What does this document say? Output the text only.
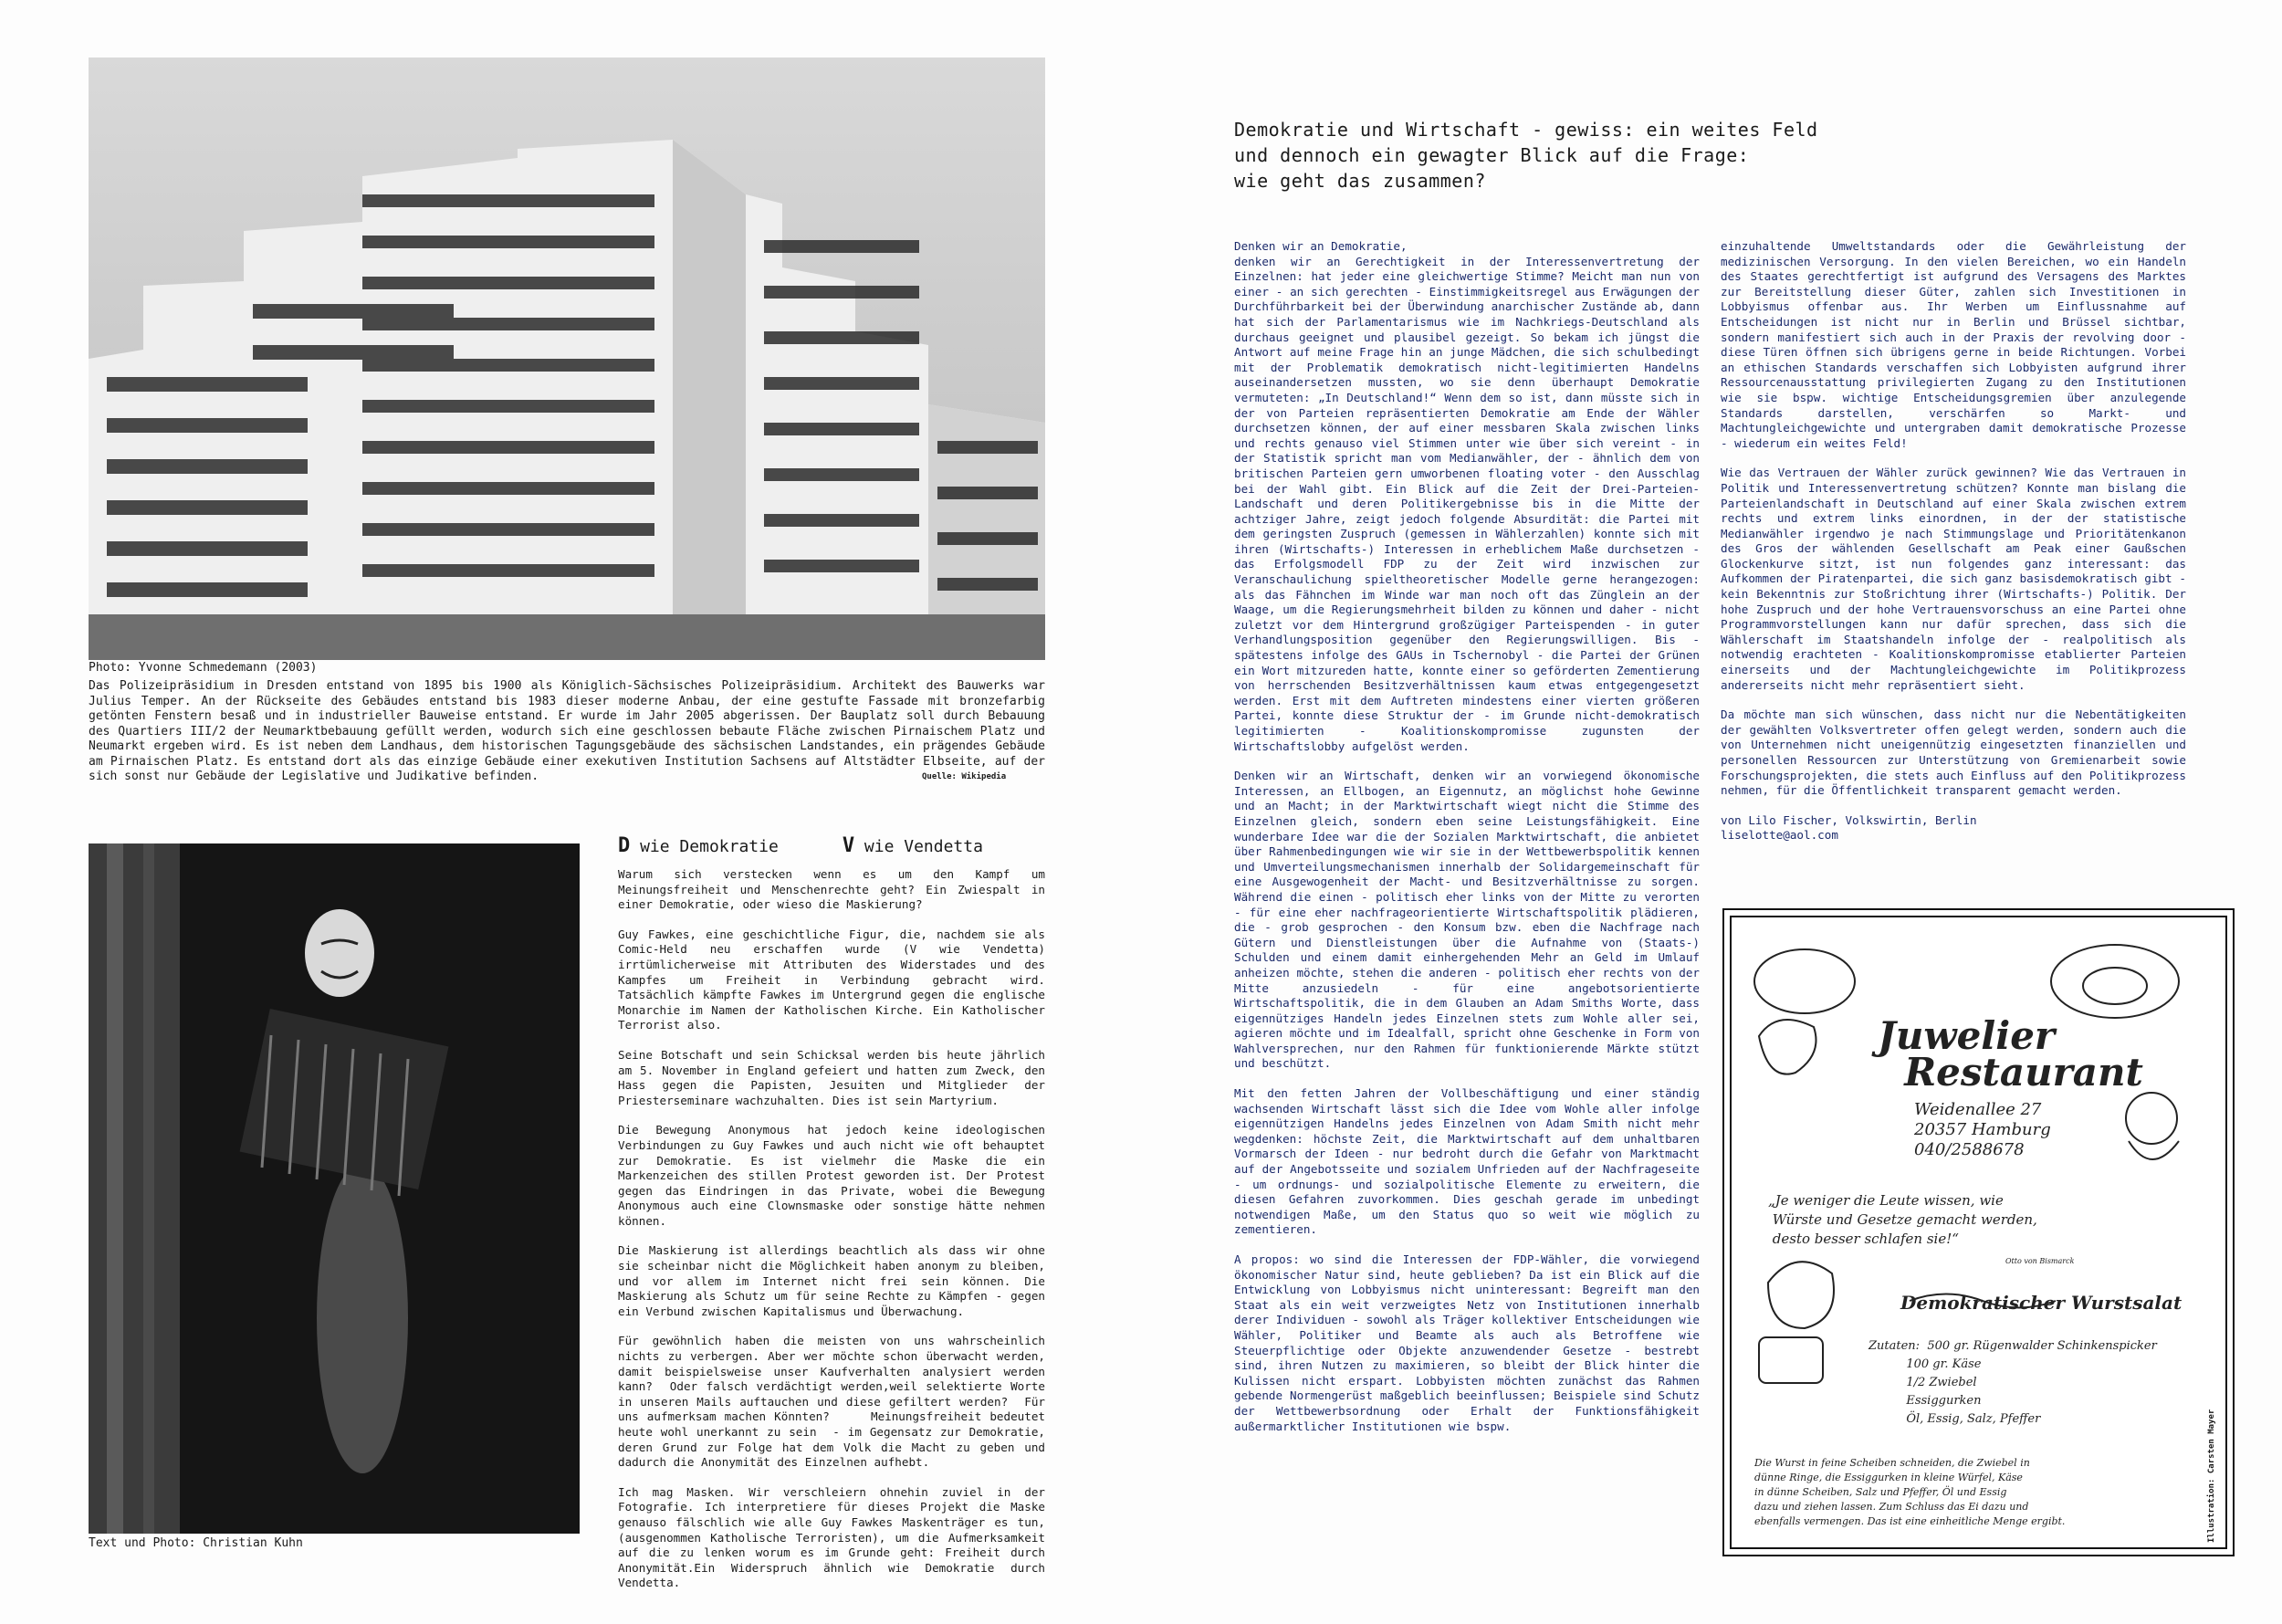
Photo: Yvonne Schmedemann (2003)
Das Polizeipräsidium in Dresden entstand von 1895 bis 1900 als Königlich-Sächsisches Polizeipräsidium. Architekt des Bauwerks war Julius Temper. An der Rückseite des Gebäudes entstand bis 1983 dieser moderne Anbau, der eine gestufte Fassade mit bronzefarbig getönten Fenstern besaß und in industrieller Bauweise entstand. Er wurde im Jahr 2005 abgerissen. Der Bauplatz soll durch Bebauung des Quartiers III/2 der Neumarktbebauung gefüllt werden, wodurch sich eine geschlossen bebaute Fläche zwischen Pirnaischem Platz und Neumarkt ergeben wird. Es ist neben dem Landhaus, dem historischen Tagungsgebäude des sächsischen Landstandes, ein prägendes Gebäude am Pirnaischen Platz. Es entstand dort als das einzige Gebäude einer exekutiven Institution Sachsens auf Altstädter Elbseite, auf der sich sonst nur Gebäude der Legislative und Judikative befinden.	Quelle: Wikipedia
Text und Photo: Christian Kuhn
D wie Demokratie	V wie Vendetta

Warum sich verstecken wenn es um den Kampf um Meinungsfreiheit und Menschenrechte geht? Ein Zwiespalt in einer Demokratie, oder wieso die Maskierung?

Guy Fawkes, eine geschichtliche Figur, die, nachdem sie als Comic-Held neu erschaffen wurde (V wie Vendetta) irrtümlicherweise mit Attributen des Widerstades und des Kampfes um Freiheit in Verbindung gebracht wird.    Tatsächlich kämpfte Fawkes im Untergrund gegen die englische Monarchie im Namen der Katholischen Kirche. Ein Katholischer Terrorist also.

Seine Botschaft und sein Schicksal werden bis heute jährlich am 5. November in England gefeiert und hatten zum Zweck, den Hass gegen die Papisten, Jesuiten und Mitglieder der Priesterseminare wachzuhalten. Dies ist sein Martyrium.

Die Bewegung Anonymous hat jedoch keine ideologischen Verbindungen zu Guy Fawkes und auch nicht wie oft behauptet zur Demokratie. Es ist vielmehr die Maske die ein Markenzeichen des stillen Protest geworden ist. Der Protest gegen das Eindringen in das Private, wobei die Bewegung Anonymous auch eine Clownsmaske oder sonstige hätte nehmen können.

Die Maskierung ist allerdings beachtlich als dass wir ohne sie scheinbar nicht die Möglichkeit haben anonym zu bleiben, und vor allem im Internet nicht frei sein können. Die Maskierung als Schutz um für seine Rechte zu Kämpfen - gegen ein Verbund zwischen Kapitalismus und Überwachung.

Für gewöhnlich haben die meisten von uns wahrscheinlich nichts zu verbergen. Aber wer möchte schon überwacht werden, damit beispielsweise unser Kaufverhalten analysiert werden kann?  Oder falsch verdächtigt werden,weil selektierte Worte in unseren Mails auftauchen und diese gefiltert werden?  Für uns aufmerksam machen Könnten?     Meinungsfreiheit bedeutet heute wohl unerkannt zu sein  - im Gegensatz zur Demokratie, deren Grund zur Folge hat dem Volk die Macht zu geben und dadurch die Anonymität des Einzelnen aufhebt.

Ich mag Masken. Wir verschleiern ohnehin zuviel in der Fotografie. Ich interpretiere für dieses Projekt die Maske genauso fälschlich wie alle Guy Fawkes Maskenträger es tun, (ausgenommen Katholische Terroristen), um die Aufmerksamkeit auf die zu lenken worum es im Grunde geht: Freiheit durch Anonymität.Ein Widerspruch ähnlich wie Demokratie durch Vendetta.

Demokratie und Wirtschaft - gewiss: ein weites Feld
und dennoch ein gewagter Blick auf die Frage:
wie geht das zusammen?

Denken wir an Demokratie,
denken wir an Gerechtigkeit in der Interessenvertretung der Einzelnen: hat jeder eine gleichwertige Stimme? Meicht man nun von einer - an sich gerechten - Einstimmigkeitsregel aus Erwägungen der Durchführbarkeit bei der Überwindung anarchischer Zustände ab, dann hat sich der Parlamentarismus wie im Nachkriegs-Deutschland als durchaus geeignet und plausibel gezeigt. So bekam ich jüngst die Antwort auf meine Frage hin an junge Mädchen, die sich schulbedingt mit der Problematik demokratisch nicht-legitimierten Handelns auseinandersetzen mussten, wo sie denn überhaupt Demokratie vermuteten: „In Deutschland!“ Wenn dem so ist, dann müsste sich in der von Parteien repräsentierten Demokratie am Ende der Wähler durchsetzen können, der auf einer messbaren Skala zwischen links und rechts genauso viel Stimmen unter wie über sich vereint - in der Statistik spricht man vom Medianwähler, der - ähnlich dem von britischen Parteien gern umworbenen floating voter - den Ausschlag bei der Wahl gibt. Ein Blick auf die Zeit der Drei-Parteien-Landschaft und deren Politikergebnisse bis in die Mitte der achtziger Jahre, zeigt jedoch folgende Absurdität: die Partei mit dem geringsten Zuspruch (gemessen in Wählerzahlen) konnte sich mit ihren (Wirtschafts-) Interessen in erheblichem Maße durchsetzen - das Erfolgsmodell FDP zu der Zeit wird inzwischen zur Veranschaulichung spieltheoretischer Modelle gerne herangezogen: als das Fähnchen im Winde war man noch oft das Zünglein an der Waage, um die Regierungsmehrheit bilden zu können und daher - nicht zuletzt vor dem Hintergrund großzügiger Parteispenden - in guter Verhandlungsposition gegenüber den Regierungswilligen. Bis - spätestens infolge des GAUs in Tschernobyl - die Partei der Grünen ein Wort mitzureden hatte, konnte einer so geförderten Zementierung von herrschenden Besitzverhältnissen kaum etwas entgegengesetzt werden. Erst mit dem Auftreten mindestens einer vierten größeren Partei, konnte diese Struktur der - im Grunde nicht-demokratisch legitimierten - Koalitionskompromisse zugunsten der Wirtschaftslobby aufgelöst werden.

Denken wir an Wirtschaft, denken wir an vorwiegend ökonomische Interessen, an Ellbogen, an Eigennutz, an möglichst hohe Gewinne und an Macht; in der Marktwirtschaft wiegt nicht die Stimme des Einzelnen gleich, sondern eben seine Leistungsfähigkeit. Eine wunderbare Idee war die der Sozialen Marktwirtschaft, die anbietet über Rahmenbedingungen wie wir sie in der Wettbewerbspolitik kennen und Umverteilungsmechanismen innerhalb der Solidargemeinschaft für eine Ausgewogenheit der Macht- und Besitzverhältnisse zu sorgen. Während die einen - politisch eher links von der Mitte zu verorten - für eine eher nachfrageorientierte Wirtschaftspolitik plädieren, die - grob gesprochen - den Konsum bzw. eben die Nachfrage nach Gütern und Dienstleistungen über die Aufnahme von (Staats-) Schulden und einem damit einhergehenden Mehr an Geld im Umlauf anheizen möchte, stehen die anderen - politisch eher rechts von der Mitte anzusiedeln - für eine angebotsorientierte Wirtschaftspolitik, die in dem Glauben an Adam Smiths Worte, dass eigennütziges Handeln jedes Einzelnen stets zum Wohle aller sei, agieren möchte und im Idealfall, spricht ohne Geschenke in Form von Wahlversprechen, nur den Rahmen für funktionierende Märkte stützt und beschützt.

Mit den fetten Jahren der Vollbeschäftigung und einer ständig wachsenden Wirtschaft lässt sich die Idee vom Wohle aller infolge eigennützigen Handelns jedes Einzelnen von Adam Smith nicht mehr wegdenken: höchste Zeit, die Marktwirtschaft auf dem unhaltbaren Vormarsch der Ideen - nur bedroht durch die Gefahr von Marktmacht auf der Angebotsseite und sozialem Unfrieden auf der Nachfrageseite - um ordnungs- und sozialpolitische Elemente zu erweitern, die diesen Gefahren zuvorkommen. Dies geschah gerade im unbedingt notwendigen Maße, um den Status quo so weit wie möglich zu zementieren.

A propos: wo sind die Interessen der FDP-Wähler, die vorwiegend ökonomischer Natur sind, heute geblieben? Da ist ein Blick auf die Entwicklung von Lobbyismus nicht uninteressant: Begreift man den Staat als ein weit verzweigtes Netz von Institutionen innerhalb derer Individuen - sowohl als Träger kollektiver Entscheidungen wie Wähler, Politiker und Beamte als auch als Betroffene wie Steuerpflichtige oder Objekte anzuwendender Gesetze - bestrebt sind, ihren Nutzen zu maximieren, so bleibt der Blick hinter die Kulissen nicht erspart. Lobbyisten möchten zunächst das Rahmen gebende Normengerüst maßgeblich beeinflussen; Beispiele sind Schutz der Wettbewerbsordnung oder Erhalt der Funktionsfähigkeit außermarktlicher Institutionen wie bspw.

einzuhaltende Umweltstandards oder die Gewährleistung der medizinischen Versorgung. In den vielen Bereichen, wo ein Handeln des Staates gerechtfertigt ist aufgrund des Versagens des Marktes zur Bereitstellung dieser Güter, zahlen sich Investitionen in Lobbyismus offenbar aus. Ihr Werben um Einflussnahme auf Entscheidungen ist nicht nur in Berlin und Brüssel sichtbar, sondern manifestiert sich auch in der Praxis der revolving door - diese Türen öffnen sich übrigens gerne in beide Richtungen. Vorbei an ethischen Standards verschaffen sich Lobbyisten aufgrund ihrer Ressourcenausstattung privilegierten Zugang zu den Institutionen wie sie bspw. wichtige Entscheidungsgremien über anzulegende Standards darstellen, verschärfen so Markt- und Machtungleichgewichte und untergraben damit demokratische Prozesse - wiederum ein weites Feld!

Wie das Vertrauen der Wähler zurück gewinnen? Wie das Vertrauen in Politik und Interessenvertretung schützen? Konnte man bislang die Parteienlandschaft in Deutschland auf einer Skala zwischen extrem rechts und extrem links einordnen, in der der statistische Medianwähler irgendwo je nach Stimmungslage und Prioritätenkanon des Gros der wählenden Gesellschaft am Peak einer Gaußschen Glockenkurve sitzt, ist nun folgendes ganz interessant: das Aufkommen der Piratenpartei, die sich ganz basisdemokratisch gibt - kein Bekenntnis zur Stoßrichtung ihrer (Wirtschafts-) Politik. Der hohe Zuspruch und der hohe Vertrauensvorschuss an eine Partei ohne Programmvorstellungen kann nur dafür sprechen, dass sich die Wählerschaft im Staatshandeln infolge der - realpolitisch als notwendig erachteten - Koalitionskompromisse etablierter Parteien einerseits und der Machtungleichgewichte im Politikprozess andererseits nicht mehr repräsentiert sieht.

Da möchte man sich wünschen, dass nicht nur die Nebentätigkeiten der gewählten Volksvertreter offen gelegt werden, sondern auch die von Unternehmen nicht uneigennützig eingesetzten finanziellen und personellen Ressourcen zur Unterstützung von Gremienarbeit sowie Forschungsprojekten, die stets auch Einfluss auf den Politikprozess nehmen, für die Öffentlichkeit transparent gemacht werden.

von Lilo Fischer, Volkswirtin, Berlin
liselotte@aol.com

Juwelier
Restaurant
Weidenallee 27
20357 Hamburg
040/2588678
„Je weniger die Leute wissen, wie
Würste und Gesetze gemacht werden,
desto besser schlafen sie!“
Otto von Bismarck
Demokratischer Wurstsalat
Zutaten:  500 gr. Rügenwalder Schinkenspicker
100 gr. Käse
1/2 Zwiebel
Essiggurken
Öl, Essig, Salz, Pfeffer
Die Wurst in feine Scheiben schneiden, die Zwiebel in
dünne Ringe, die Essiggurken in kleine Würfel, Käse
in dünne Scheiben, Salz und Pfeffer, Öl und Essig
dazu und ziehen lassen. Zum Schluss das Ei dazu und
ebenfalls vermengen. Das ist eine einheitliche Menge ergibt.	Illustration: Carsten Mayer
